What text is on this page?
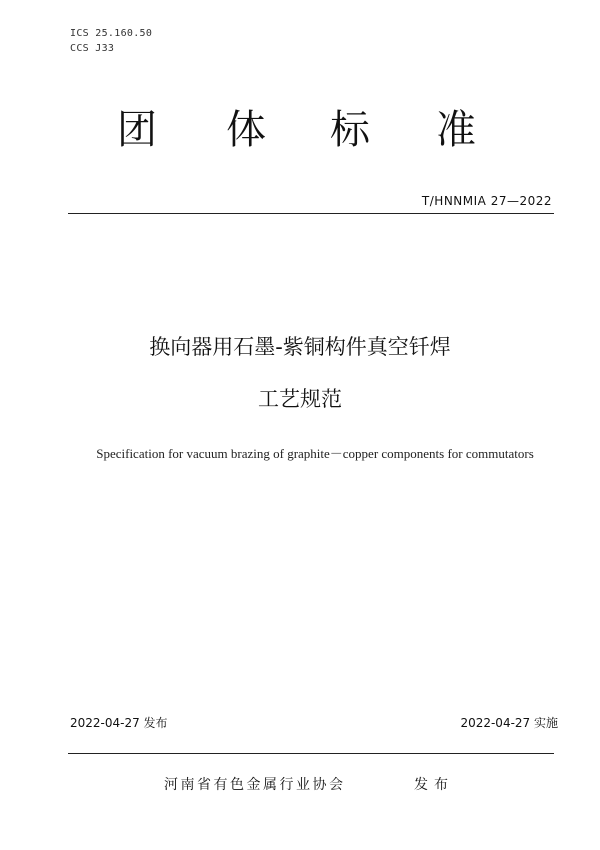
ICS 25.160.50
CCS J33
团 体 标 准
T/HNNMIA 27—2022
换向器用石墨-紫铜构件真空钎焊
工艺规范
Specification for vacuum brazing of graphite－copper components for commutators
2022-04-27 发布	2022-04-27 实施
河南省有色金属行业协会	发布
